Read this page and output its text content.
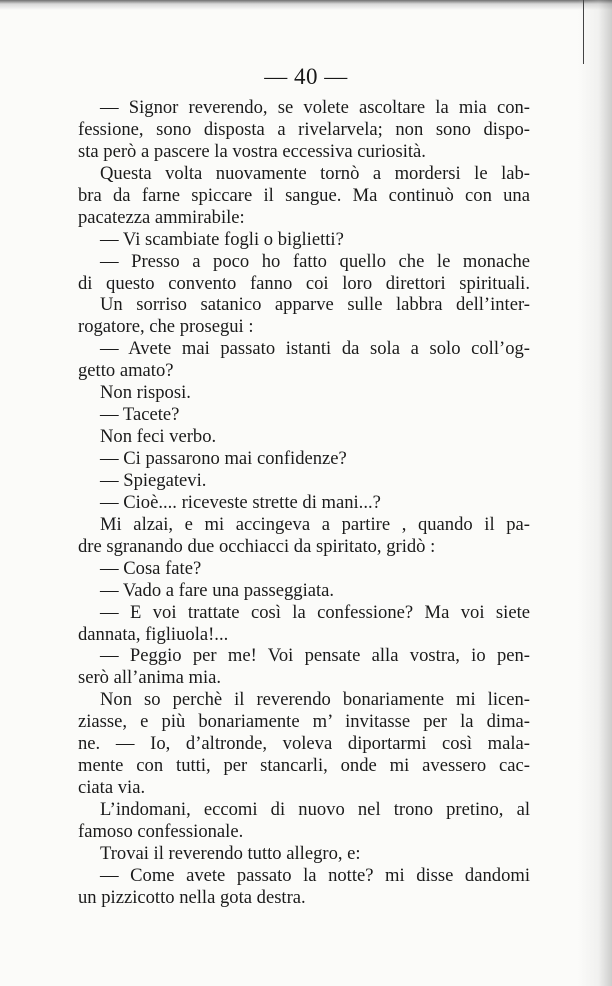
— 40 —
— Signor reverendo, se volete ascoltare la mia con-
fessione, sono disposta a rivelarvela; non sono dispo-
sta però a pascere la vostra eccessiva curiosità.
Questa volta nuovamente tornò a mordersi le lab-
bra da farne spiccare il sangue. Ma continuò con una
pacatezza ammirabile:
— Vi scambiate fogli o biglietti?
— Presso a poco ho fatto quello che le monache
di questo convento fanno coi loro direttori spirituali.
Un sorriso satanico apparve sulle labbra dell’inter-
rogatore, che prosegui :
— Avete mai passato istanti da sola a solo coll’og-
getto amato?
Non risposi.
— Tacete?
Non feci verbo.
— Ci passarono mai confidenze?
— Spiegatevi.
— Cioè.... riceveste strette di mani...?
Mi alzai, e mi accingeva a partire , quando il pa-
dre sgranando due occhiacci da spiritato, gridò :
— Cosa fate?
— Vado a fare una passeggiata.
— E voi trattate così la confessione? Ma voi siete
dannata, figliuola!...
— Peggio per me! Voi pensate alla vostra, io pen-
serò all’anima mia.
Non so perchè il reverendo bonariamente mi licen-
ziasse, e più bonariamente m’ invitasse per la dima-
ne. — Io, d’altronde, voleva diportarmi così mala-
mente con tutti, per stancarli, onde mi avessero cac-
ciata via.
L’indomani, eccomi di nuovo nel trono pretino, al
famoso confessionale.
Trovai il reverendo tutto allegro, e:
— Come avete passato la notte? mi disse dandomi
un pizzicotto nella gota destra.
